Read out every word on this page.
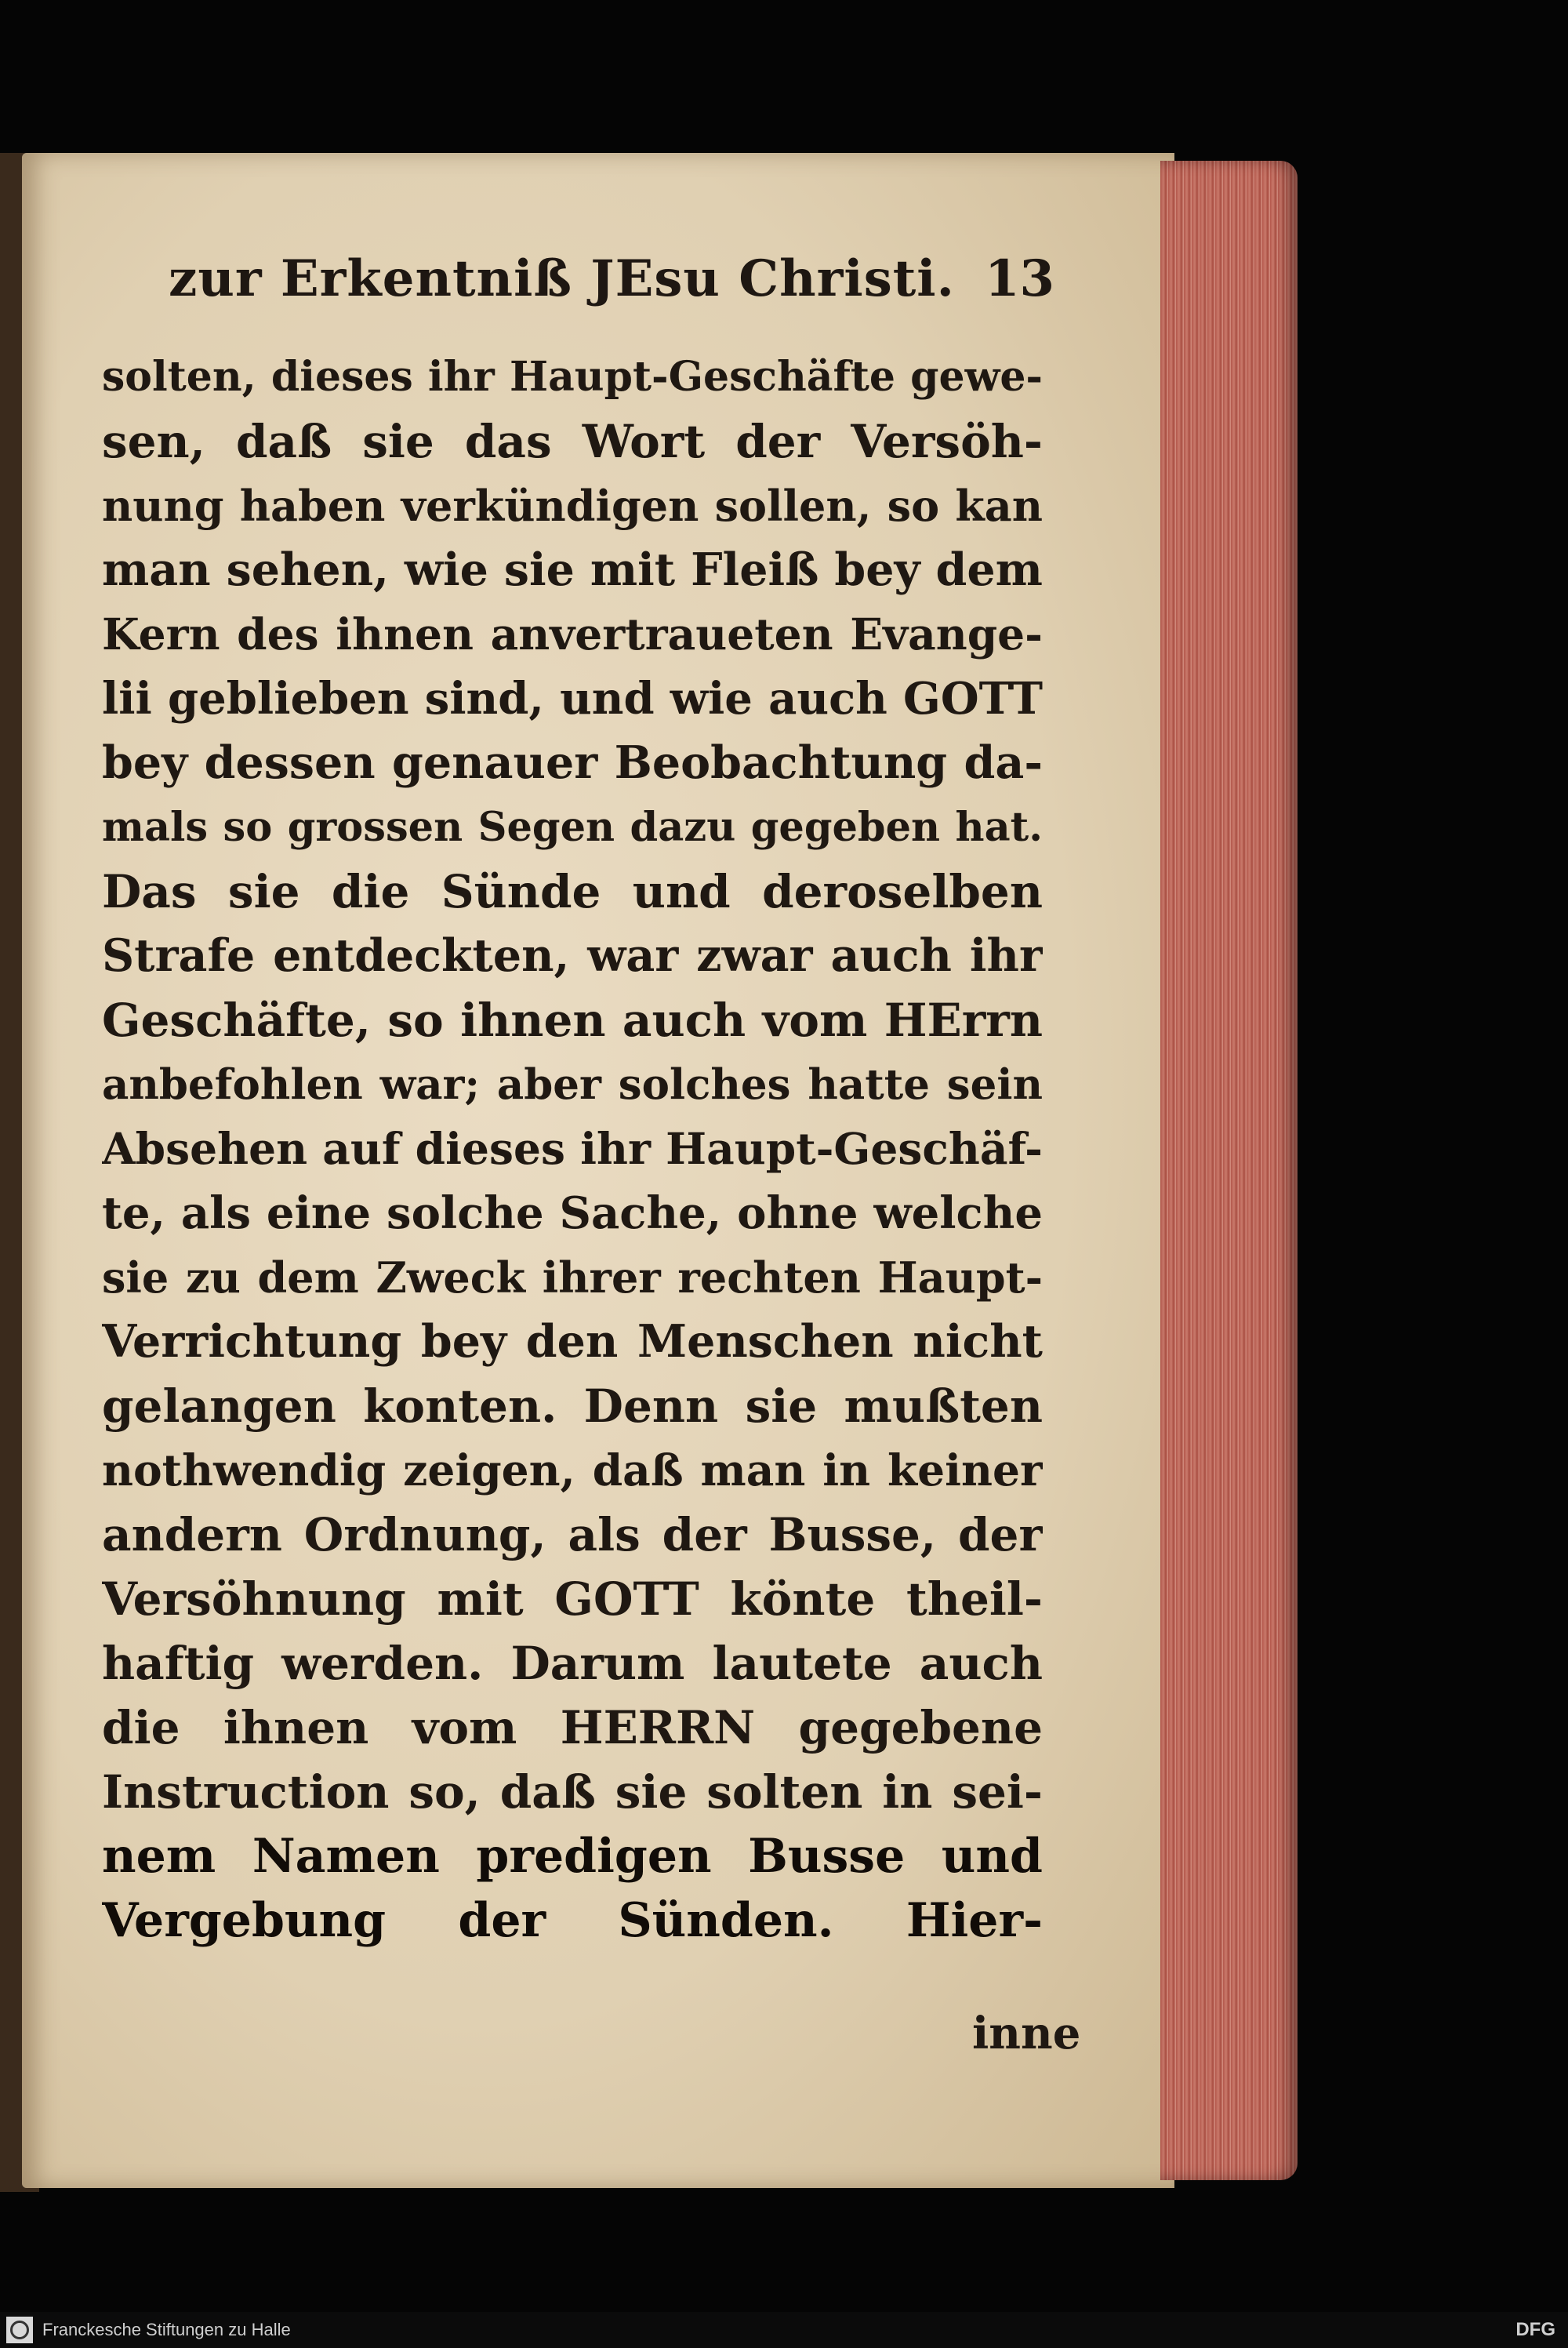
zur Erkentniß JEsu Christi. 13
solten, dieses ihr Haupt-Geschäfte gewe-
sen, daß sie das Wort der Versöh-
nung haben verkündigen sollen, so kan
man sehen, wie sie mit Fleiß bey dem
Kern des ihnen anvertraueten Evange-
lii geblieben sind, und wie auch GOTT
bey dessen genauer Beobachtung da-
mals so grossen Segen dazu gegeben hat.
Das sie die Sünde und deroselben
Strafe entdeckten, war zwar auch ihr
Geschäfte, so ihnen auch vom HErrn
anbefohlen war; aber solches hatte sein
Absehen auf dieses ihr Haupt-Geschäf-
te, als eine solche Sache, ohne welche
sie zu dem Zweck ihrer rechten Haupt-
Verrichtung bey den Menschen nicht
gelangen konten. Denn sie mußten
nothwendig zeigen, daß man in keiner
andern Ordnung, als der Busse, der
Versöhnung mit GOTT könte theil-
haftig werden. Darum lautete auch
die ihnen vom HERRN gegebene
Instruction so, daß sie solten in sei-
nem Namen predigen Busse und
Vergebung der Sünden. Hier-
inne
Franckesche Stiftungen zu Halle	DFG
